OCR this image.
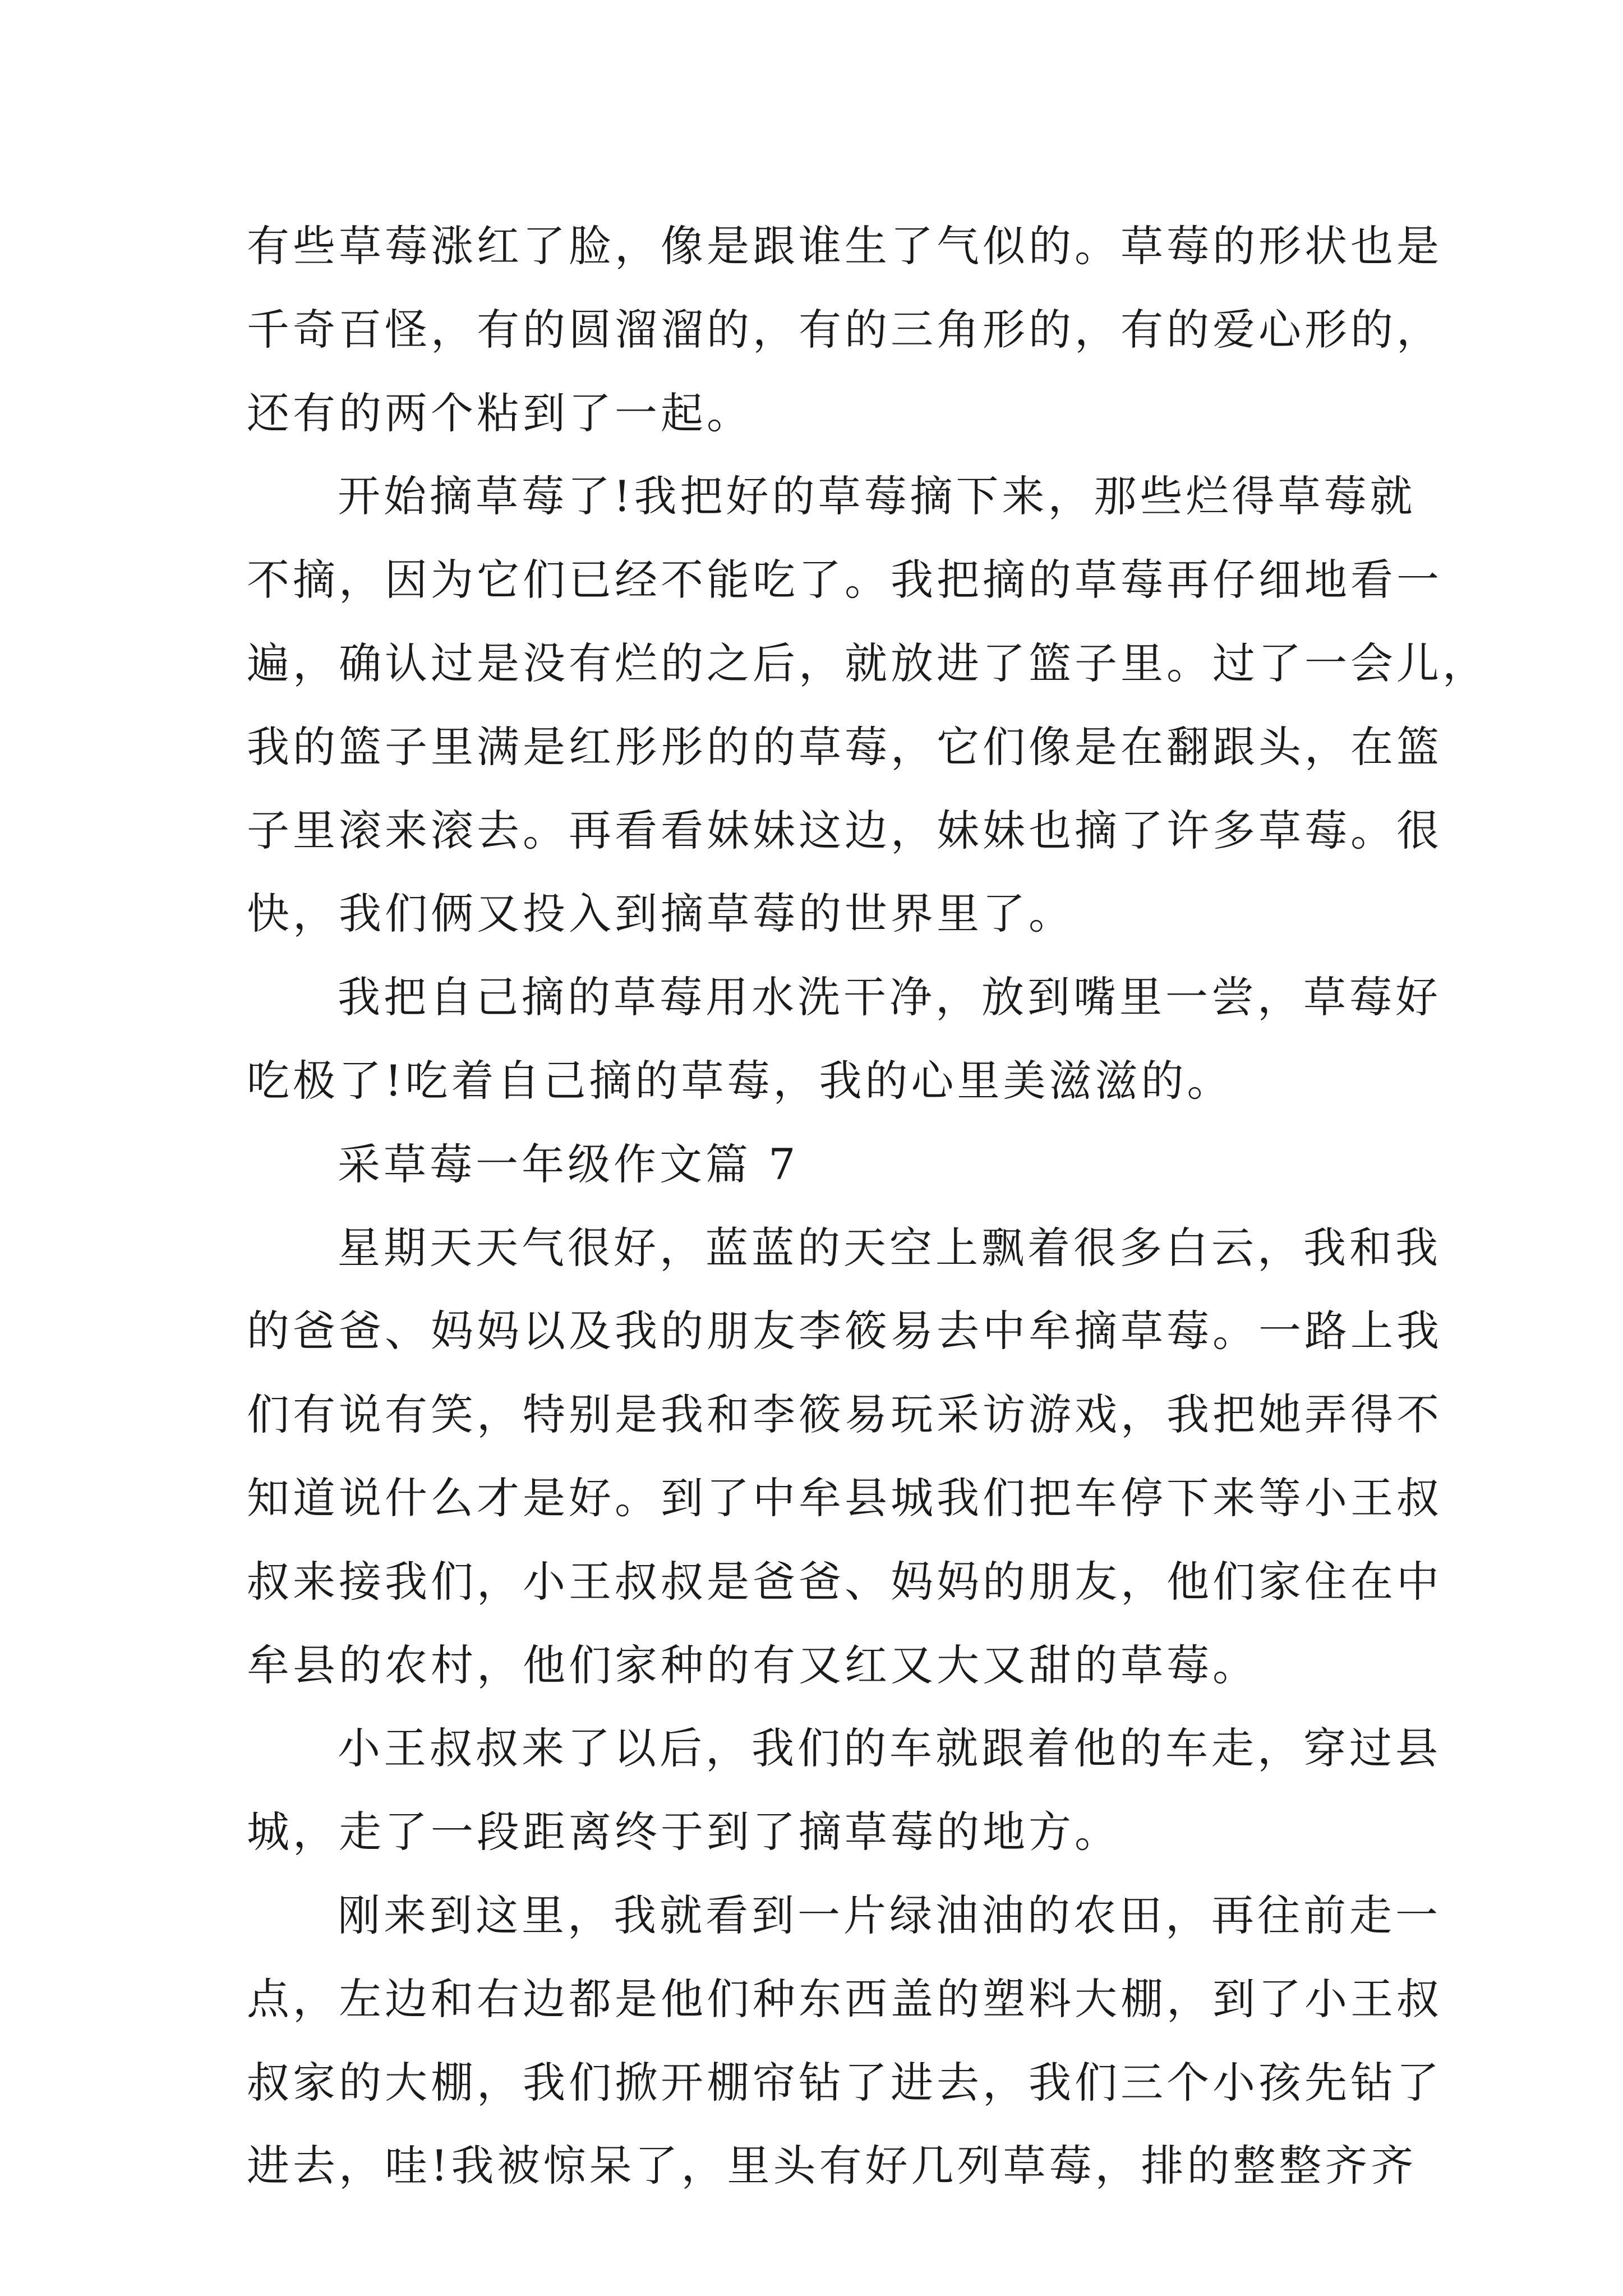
有些草莓涨红了脸，像是跟谁生了气似的。草莓的形状也是
千奇百怪，有的圆溜溜的，有的三角形的，有的爱心形的，
还有的两个粘到了一起。
开始摘草莓了!我把好的草莓摘下来，那些烂得草莓就
不摘，因为它们已经不能吃了。我把摘的草莓再仔细地看一
遍，确认过是没有烂的之后，就放进了篮子里。过了一会儿，
我的篮子里满是红彤彤的的草莓，它们像是在翻跟头，在篮
子里滚来滚去。再看看妹妹这边，妹妹也摘了许多草莓。很
快，我们俩又投入到摘草莓的世界里了。
我把自己摘的草莓用水洗干净，放到嘴里一尝，草莓好
吃极了!吃着自己摘的草莓，我的心里美滋滋的。
采草莓一年级作文篇 7
星期天天气很好，蓝蓝的天空上飘着很多白云，我和我
的爸爸、妈妈以及我的朋友李筱易去中牟摘草莓。一路上我
们有说有笑，特别是我和李筱易玩采访游戏，我把她弄得不
知道说什么才是好。到了中牟县城我们把车停下来等小王叔
叔来接我们，小王叔叔是爸爸、妈妈的朋友，他们家住在中
牟县的农村，他们家种的有又红又大又甜的草莓。
小王叔叔来了以后，我们的车就跟着他的车走，穿过县
城，走了一段距离终于到了摘草莓的地方。
刚来到这里，我就看到一片绿油油的农田，再往前走一
点，左边和右边都是他们种东西盖的塑料大棚，到了小王叔
叔家的大棚，我们掀开棚帘钻了进去，我们三个小孩先钻了
进去，哇!我被惊呆了，里头有好几列草莓，排的整整齐齐
